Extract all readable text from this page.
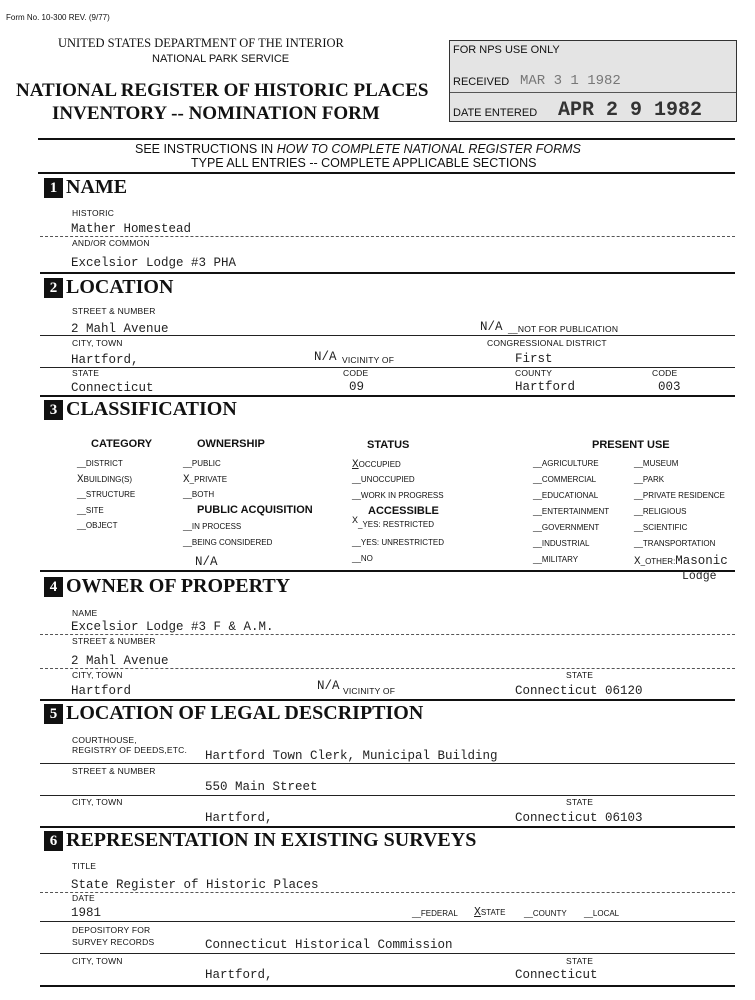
Form No. 10-300 REV. (9/77)
UNITED STATES DEPARTMENT OF THE INTERIOR
NATIONAL PARK SERVICE
NATIONAL REGISTER OF HISTORIC PLACES
INVENTORY -- NOMINATION FORM
FOR NPS USE ONLY
RECEIVED MAR 3 1 1982
DATE ENTERED APR 2 9 1982
SEE INSTRUCTIONS IN HOW TO COMPLETE NATIONAL REGISTER FORMS
TYPE ALL ENTRIES -- COMPLETE APPLICABLE SECTIONS
1 NAME
HISTORIC
Mather Homestead
AND/OR COMMON
Excelsior Lodge #3 PHA
2 LOCATION
STREET & NUMBER
2 Mahl Avenue	N/A __NOT FOR PUBLICATION
CITY, TOWN	CONGRESSIONAL DISTRICT
Hartford,	N/A VICINITY OF	First
STATE	CODE	COUNTY	CODE
Connecticut	09	Hartford	003
3 CLASSIFICATION
CATEGORY	OWNERSHIP	STATUS	PRESENT USE
__DISTRICT
XBUILDING(S)
__STRUCTURE
__SITE
__OBJECT
__PUBLIC
X_PRIVATE
__BOTH
PUBLIC ACQUISITION
__IN PROCESS
__BEING CONSIDERED
N/A
XOCCUPIED
__UNOCCUPIED
__WORK IN PROGRESS
ACCESSIBLE
X_YES: RESTRICTED
__YES: UNRESTRICTED
__NO
__AGRICULTURE
__COMMERCIAL
__EDUCATIONAL
__ENTERTAINMENT
__GOVERNMENT
__INDUSTRIAL
__MILITARY
__MUSEUM
__PARK
__PRIVATE RESIDENCE
__RELIGIOUS
__SCIENTIFIC
__TRANSPORTATION
X_OTHER:Masonic
Lodge
4 OWNER OF PROPERTY
NAME
Excelsior Lodge #3 F & A.M.
STREET & NUMBER
2 Mahl Avenue
CITY, TOWN	STATE
Hartford	N/A VICINITY OF	Connecticut 06120
5 LOCATION OF LEGAL DESCRIPTION
COURTHOUSE,
REGISTRY OF DEEDS,ETC. Hartford Town Clerk, Municipal Building
STREET & NUMBER
550 Main Street
CITY, TOWN	STATE
Hartford,	Connecticut 06103
6 REPRESENTATION IN EXISTING SURVEYS
TITLE
State Register of Historic Places
DATE
1981	__FEDERAL XSTATE __COUNTY __LOCAL
DEPOSITORY FOR
SURVEY RECORDS	Connecticut Historical Commission
CITY, TOWN	STATE
Hartford,	Connecticut
